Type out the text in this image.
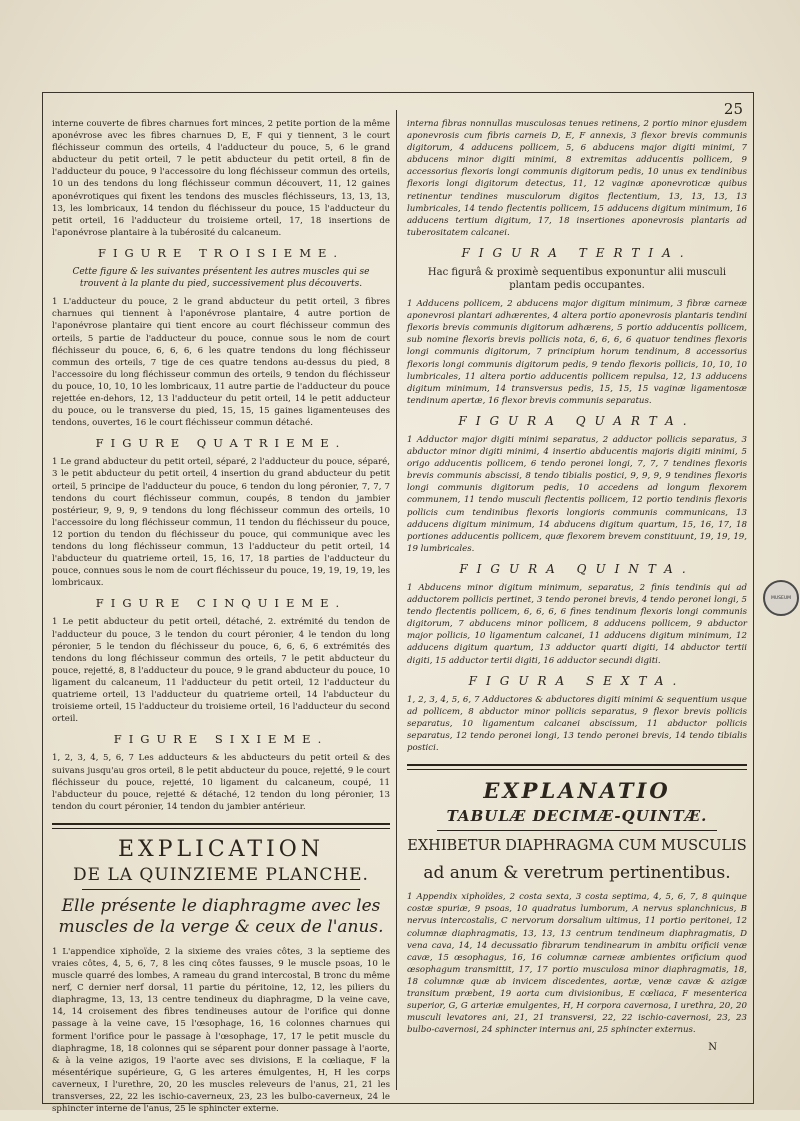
25
MUSEUM

interne couverte de fibres charnues fort minces, 2 petite portion de la même aponévrose avec les fibres charnues D, E, F qui y tiennent, 3 le court fléchisseur commun des orteils, 4 l'adducteur du pouce, 5, 6 le grand abducteur du petit orteil, 7 le petit abducteur du petit orteil, 8 fin de l'adducteur du pouce, 9 l'accessoire du long fléchisseur commun des orteils, 10 un des tendons du long fléchisseur commun découvert, 11, 12 gaines aponévrotiques qui fixent les tendons des muscles fléchisseurs, 13, 13, 13, 13, les lombricaux, 14 tendon du fléchisseur du pouce, 15 l'adducteur du petit orteil, 16 l'adducteur du troisieme orteil, 17, 18 insertions de l'aponévrose plantaire à la tubérosité du calcaneum.

FIGURE TROISIEME.

Cette figure & les suivantes présentent les autres muscles qui se trouvent à la plante du pied, successivement plus découverts.

1 L'adducteur du pouce, 2 le grand abducteur du petit orteil, 3 fibres charnues qui tiennent à l'aponévrose plantaire, 4 autre portion de l'aponévrose plantaire qui tient encore au court fléchisseur commun des orteils, 5 partie de l'adducteur du pouce, connue sous le nom de court fléchisseur du pouce, 6, 6, 6, 6 les quatre tendons du long fléchisseur commun des orteils, 7 tige de ces quatre tendons au-dessus du pied, 8 l'accessoire du long fléchisseur commun des orteils, 9 tendon du fléchisseur du pouce, 10, 10, 10 les lombricaux, 11 autre partie de l'adducteur du pouce rejettée en-dehors, 12, 13 l'adducteur du petit orteil, 14 le petit adducteur du pouce, ou le transverse du pied, 15, 15, 15 gaines ligamenteuses des tendons, ouvertes, 16 le court fléchisseur commun détaché.

FIGURE QUATRIEME.

1 Le grand abducteur du petit orteil, séparé, 2 l'adducteur du pouce, séparé, 3 le petit abducteur du petit orteil, 4 insertion du grand abducteur du petit orteil, 5 principe de l'adducteur du pouce, 6 tendon du long péronier, 7, 7, 7 tendons du court fléchisseur commun, coupés, 8 tendon du jambier postérieur, 9, 9, 9, 9 tendons du long fléchisseur commun des orteils, 10 l'accessoire du long fléchisseur commun, 11 tendon du fléchisseur du pouce, 12 portion du tendon du fléchisseur du pouce, qui communique avec les tendons du long fléchisseur commun, 13 l'adducteur du petit orteil, 14 l'abducteur du quatrieme orteil, 15, 16, 17, 18 parties de l'adducteur du pouce, connues sous le nom de court fléchisseur du pouce, 19, 19, 19, 19, les lombricaux.

FIGURE CINQUIEME.

1 Le petit abducteur du petit orteil, détaché, 2. extrémité du tendon de l'adducteur du pouce, 3 le tendon du court péronier, 4 le tendon du long péronier, 5 le tendon du fléchisseur du pouce, 6, 6, 6, 6 extrémités des tendons du long fléchisseur commun des orteils, 7 le petit abducteur du pouce, rejetté, 8, 8 l'adducteur du pouce, 9 le grand abducteur du pouce, 10 ligament du calcaneum, 11 l'adducteur du petit orteil, 12 l'adducteur du quatrieme orteil, 13 l'adducteur du quatrieme orteil, 14 l'abducteur du troisieme orteil, 15 l'adducteur du troisieme orteil, 16 l'adducteur du second orteil.

FIGURE SIXIEME.

1, 2, 3, 4, 5, 6, 7 Les adducteurs & les abducteurs du petit orteil & des suivans jusqu'au gros orteil, 8 le petit abducteur du pouce, rejetté, 9 le court fléchisseur du pouce, rejetté, 10 ligament du calcaneum, coupé, 11 l'abducteur du pouce, rejetté & détaché, 12 tendon du long péronier, 13 tendon du court péronier, 14 tendon du jambier antérieur.

EXPLICATION
DE LA QUINZIEME PLANCHE.
Elle présente le diaphragme avec les muscles de la verge & ceux de l'anus.

1 L'appendice xiphoïde, 2 la sixieme des vraies côtes, 3 la septieme des vraies côtes, 4, 5, 6, 7, 8 les cinq côtes fausses, 9 le muscle psoas, 10 le muscle quarré des lombes, A rameau du grand intercostal, B tronc du même nerf, C dernier nerf dorsal, 11 partie du péritoine, 12, 12, les piliers du diaphragme, 13, 13, 13 centre tendineux du diaphragme, D la veine cave, 14, 14 croisement des fibres tendineuses autour de l'orifice qui donne passage à la veine cave, 15 l'œsophage, 16, 16 colonnes charnues qui forment l'orifice pour le passage à l'œsophage, 17, 17 le petit muscle du diaphragme, 18, 18 colonnes qui se séparent pour donner passage à l'aorte, & à la veine azigos, 19 l'aorte avec ses divisions, E la cœliaque, F la mésentérique supérieure, G, G les arteres émulgentes, H, H les corps caverneux, I l'urethre, 20, 20 les muscles releveurs de l'anus, 21, 21 les transverses, 22, 22 les ischio-caverneux, 23, 23 les bulbo-caverneux, 24 le sphincter interne de l'anus, 25 le sphincter externe.

interna fibras nonnullas musculosas tenues retinens, 2 portio minor ejusdem aponevrosis cum fibris carneis D, E, F annexis, 3 flexor brevis communis digitorum, 4 adducens pollicem, 5, 6 abducens major digiti minimi, 7 abducens minor digiti minimi, 8 extremitas adducentis pollicem, 9 accessorius flexoris longi communis digitorum pedis, 10 unus ex tendinibus flexoris longi digitorum detectus, 11, 12 vaginæ aponevroticæ quibus retinentur tendines musculorum digitos flectentium, 13, 13, 13, 13 lumbricales, 14 tendo flectentis pollicem, 15 adducens digitum minimum, 16 adducens tertium digitum, 17, 18 insertiones aponevrosis plantaris ad tuberositatem calcanei.

FIGURA TERTIA.

Hac figurâ & proximè sequentibus exponuntur alii musculi plantam pedis occupantes.

1 Adducens pollicem, 2 abducens major digitum minimum, 3 fibræ carneæ aponevrosi plantari adhærentes, 4 altera portio aponevrosis plantaris tendini flexoris brevis communis digitorum adhærens, 5 portio adducentis pollicem, sub nomine flexoris brevis pollicis nota, 6, 6, 6, 6 quatuor tendines flexoris longi communis digitorum, 7 principium horum tendinum, 8 accessorius flexoris longi communis digitorum pedis, 9 tendo flexoris pollicis, 10, 10, 10 lumbricales, 11 altera portio adducentis pollicem repulsa, 12, 13 adducens digitum minimum, 14 transversus pedis, 15, 15, 15 vaginæ ligamentosæ tendinum apertæ, 16 flexor brevis communis separatus.

FIGURA QUARTA.

1 Adductor major digiti minimi separatus, 2 adductor pollicis separatus, 3 abductor minor digiti minimi, 4 insertio abducentis majoris digiti minimi, 5 origo adducentis pollicem, 6 tendo peronei longi, 7, 7, 7 tendines flexoris brevis communis abscissi, 8 tendo tibialis postici, 9, 9, 9, 9 tendines flexoris longi communis digitorum pedis, 10 accedens ad longum flexorem communem, 11 tendo musculi flectentis pollicem, 12 portio tendinis flexoris pollicis cum tendinibus flexoris longioris communis communicans, 13 adducens digitum minimum, 14 abducens digitum quartum, 15, 16, 17, 18 portiones adducentis pollicem, quæ flexorem brevem constituunt, 19, 19, 19, 19 lumbricales.

FIGURA QUINTA.

1 Abducens minor digitum minimum, separatus, 2 finis tendinis qui ad adductorem pollicis pertinet, 3 tendo peronei brevis, 4 tendo peronei longi, 5 tendo flectentis pollicem, 6, 6, 6, 6 fines tendinum flexoris longi communis digitorum, 7 abducens minor pollicem, 8 adducens pollicem, 9 abductor major pollicis, 10 ligamentum calcanei, 11 adducens digitum minimum, 12 adducens digitum quartum, 13 adductor quarti digiti, 14 abductor tertii digiti, 15 adductor tertii digiti, 16 adductor secundi digiti.

FIGURA SEXTA.

1, 2, 3, 4, 5, 6, 7 Adductores & abductores digiti minimi & sequentium usque ad pollicem, 8 abductor minor pollicis separatus, 9 flexor brevis pollicis separatus, 10 ligamentum calcanei abscissum, 11 abductor pollicis separatus, 12 tendo peronei longi, 13 tendo peronei brevis, 14 tendo tibialis postici.

EXPLANATIO
TABULÆ DECIMÆ-QUINTÆ.
EXHIBETUR DIAPHRAGMA CUM MUSCULIS
ad anum & veretrum pertinentibus.

1 Appendix xiphoïdes, 2 costa sexta, 3 costa septima, 4, 5, 6, 7, 8 quinque costæ spuriæ, 9 psoas, 10 quadratus lumborum, A nervus splanchnicus, B nervus intercostalis, C nervorum dorsalium ultimus, 11 portio peritonei, 12 columnæ diaphragmatis, 13, 13, 13 centrum tendineum diaphragmatis, D vena cava, 14, 14 decussatio fibrarum tendinearum in ambitu orificii venæ cavæ, 15 œsophagus, 16, 16 columnæ carneæ ambientes orificium quod œsophagum transmittit, 17, 17 portio musculosa minor diaphragmatis, 18, 18 columnæ quæ ab invicem discedentes, aortæ, venæ cavæ & azigæ transitum præbent, 19 aorta cum divisionibus, E cœliaca, F mesenterica superior, G, G arteriæ emulgentes, H, H corpora cavernosa, I urethra, 20, 20 musculi levatores ani, 21, 21 transversi, 22, 22 ischio-cavernosi, 23, 23 bulbo-cavernosi, 24 sphincter internus ani, 25 sphincter externus.

N
